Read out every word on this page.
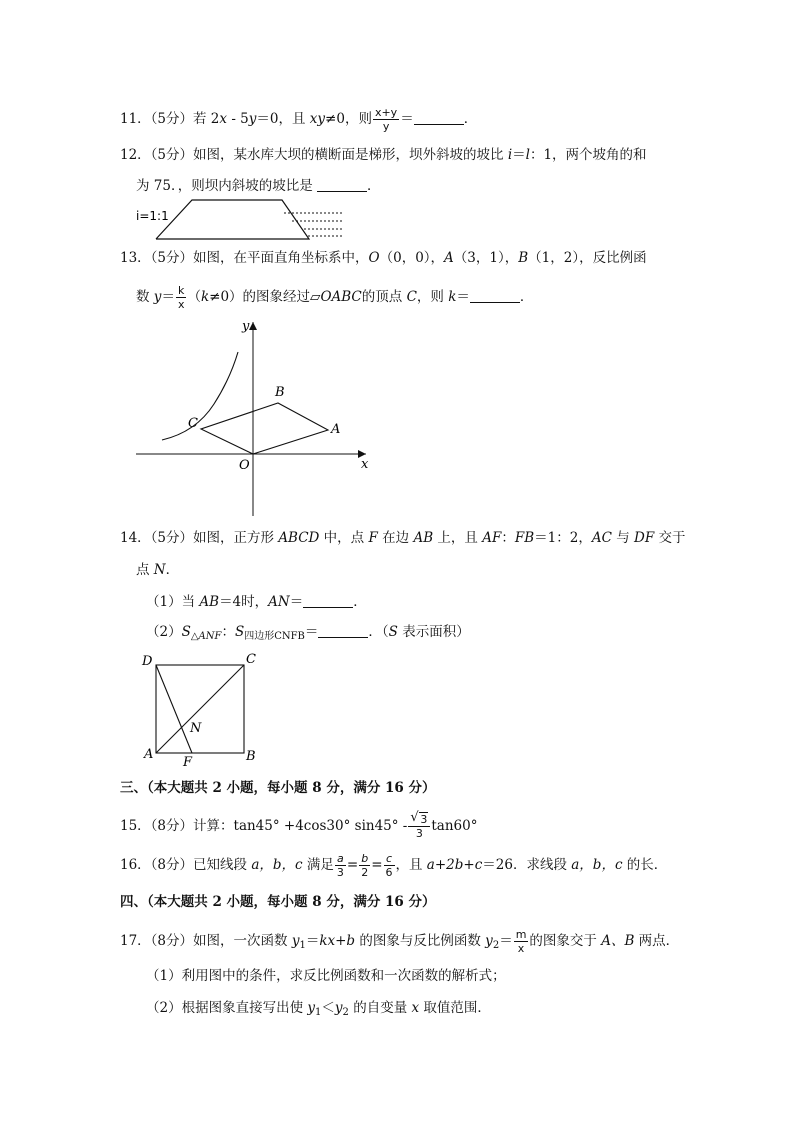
11．（5分）若 2x - 5y＝0，且 xy≠0，则 $\frac{x+y}{y}$ ＝	．
12．（5分）如图，某水库大坝的横断面是梯形，坝外斜坡的坡比 i＝l：1，两个坡角的和
为 75．，则坝内斜坡的坡比是	．
i=1:1
13．（5分）如图，在平面直角坐标系中，O（0，0），A（3，1），B（1，2），反比例函
数 $y= \frac{k}{x} (k\ne 0)$的图象经过▱OABC的顶点 C，则 k＝	．
y
x
O
A
B
C
14．（5分）如图，正方形 ABCD 中，点 F 在边 AB 上，且 AF：FB＝1：2，AC 与 DF 交于
点 N．
（1）当 AB＝4时，AN＝	．
$(2)S_{\triangle ANF}$：$S_{四边形CNFB}=$	．（S 表示面积）
D	C
A	B
F
N
三、（本大题共 2 小题，每小题 8 分，满分 16 分）
15．（8分）计算：tan45° +4cos30° $\sin 45^\circ - \frac{√ 3}{3} \tan 60^\circ$
16．（8分）已知线段 a，b，c 满足 $\frac{a}{3} = \frac{b}{2} = \frac{c}{6}$ ，且 a+2b+c＝26．求线段 a，b，c 的长．
四、（本大题共 2 小题，每小题 8 分，满分 16 分）
17．（8分）如图，一次函数 $y_1=kx+b$ 的图象与反比例函数 $y_2= \frac{m}{x}$ 的图象交于 A、B 两点．
（1）利用图中的条件，求反比例函数和一次函数的解析式；
（2）根据图象直接写出使 $y_1<y_2$ 的自变量 x 取值范围．
